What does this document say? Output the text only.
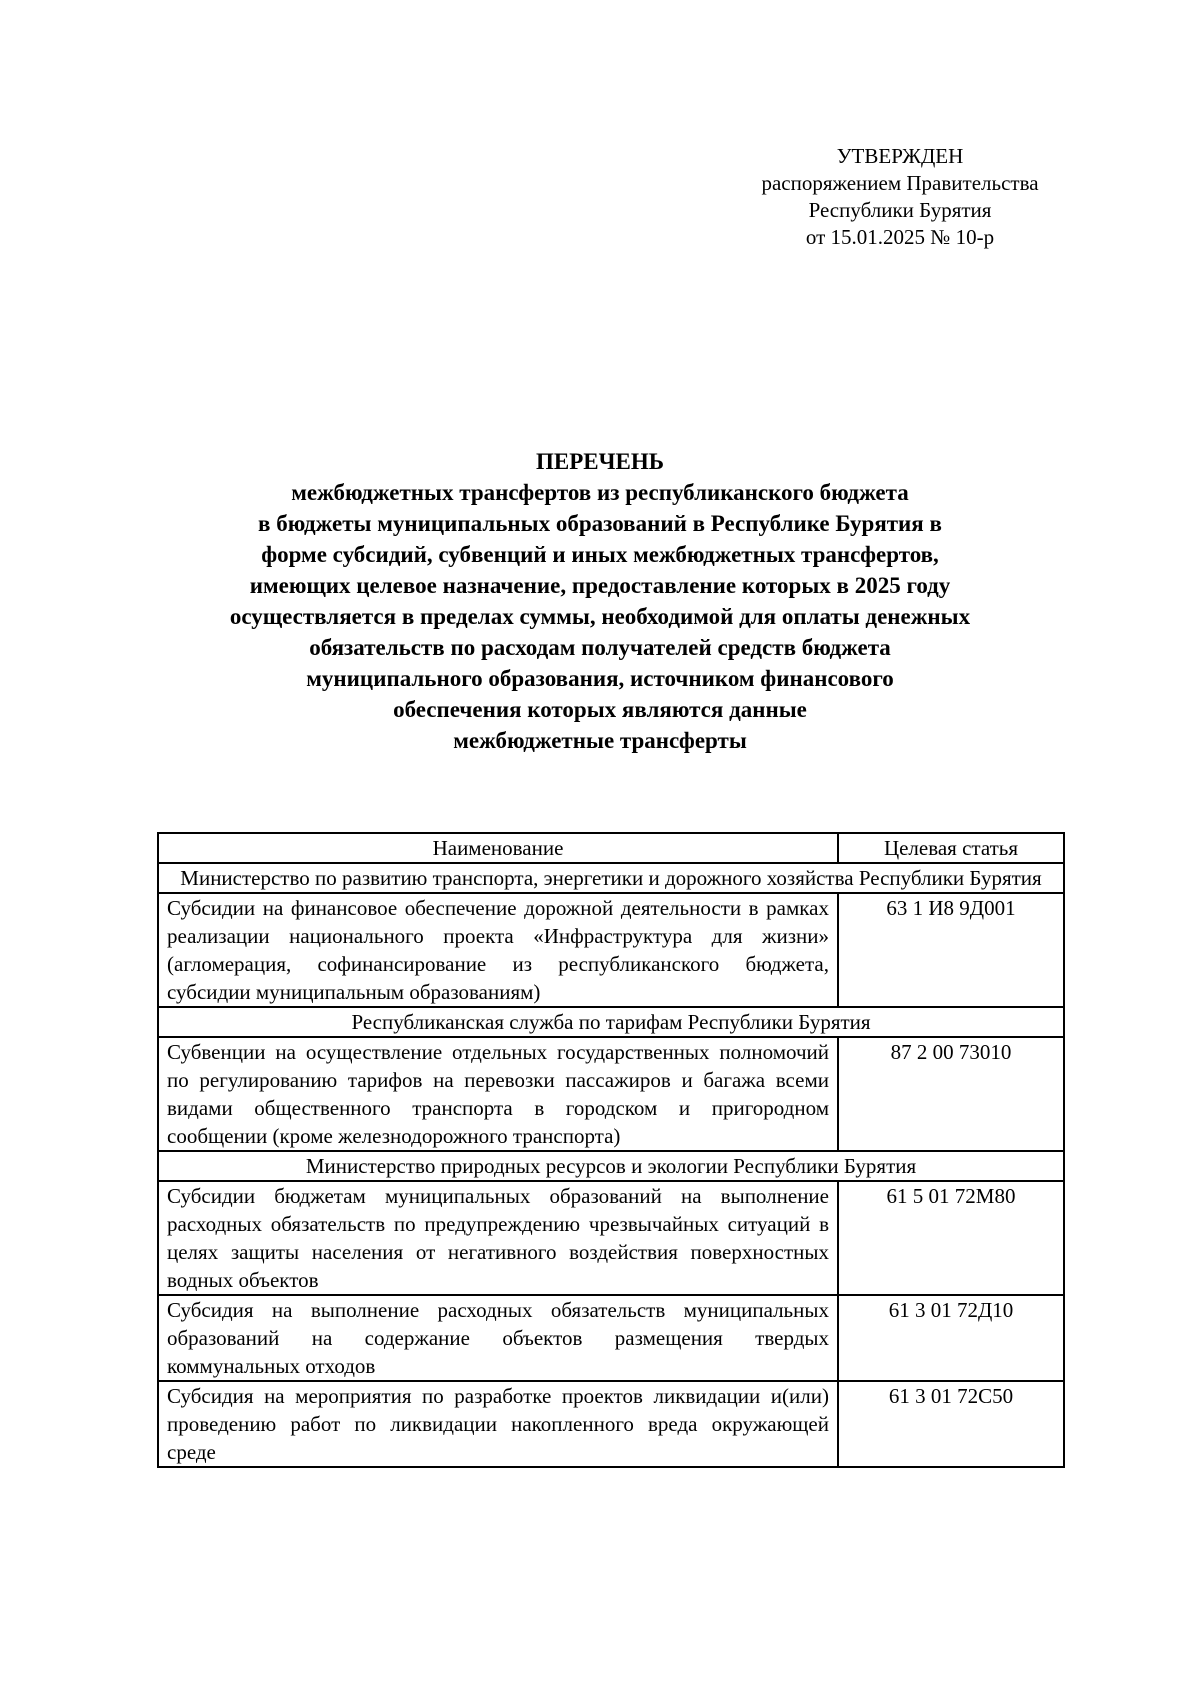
УТВЕРЖДЕН
распоряжением Правительства
Республики Бурятия
от 15.01.2025 № 10-р
ПЕРЕЧЕНЬ
межбюджетных трансфертов из республиканского бюджета
в бюджеты муниципальных образований в Республике Бурятия в
форме субсидий, субвенций и иных межбюджетных трансфертов,
имеющих целевое назначение, предоставление которых в 2025 году
осуществляется в пределах суммы, необходимой для оплаты денежных
обязательств по расходам получателей средств бюджета
муниципального образования, источником финансового
обеспечения которых являются данные
межбюджетные трансферты
Наименование	Целевая статья
Министерство по развитию транспорта, энергетики и дорожного хозяйства Республики Бурятия	
Субсидии на финансовое обеспечение дорожной деятельности в рамках реализации национального проекта «Инфраструктура для жизни» (агломерация, софинансирование из республиканского бюджета, субсидии муниципальным образованиям)	63 1 И8 9Д001
Республиканская служба по тарифам Республики Бурятия	
Субвенции на осуществление отдельных государственных полномочий по регулированию тарифов на перевозки пассажиров и багажа всеми видами общественного транспорта в городском и пригородном сообщении (кроме железнодорожного транспорта)	87 2 00 73010
Министерство природных ресурсов и экологии Республики Бурятия	
Субсидии бюджетам муниципальных образований на выполнение расходных обязательств по предупреждению чрезвычайных ситуаций в целях защиты населения от негативного воздействия поверхностных водных объектов	61 5 01 72М80
Субсидия на выполнение расходных обязательств муниципальных образований на содержание объектов размещения твердых коммунальных отходов	61 3 01 72Д10
Субсидия на мероприятия по разработке проектов ликвидации и(или) проведению работ по ликвидации накопленного вреда окружающей среде	61 3 01 72С50
